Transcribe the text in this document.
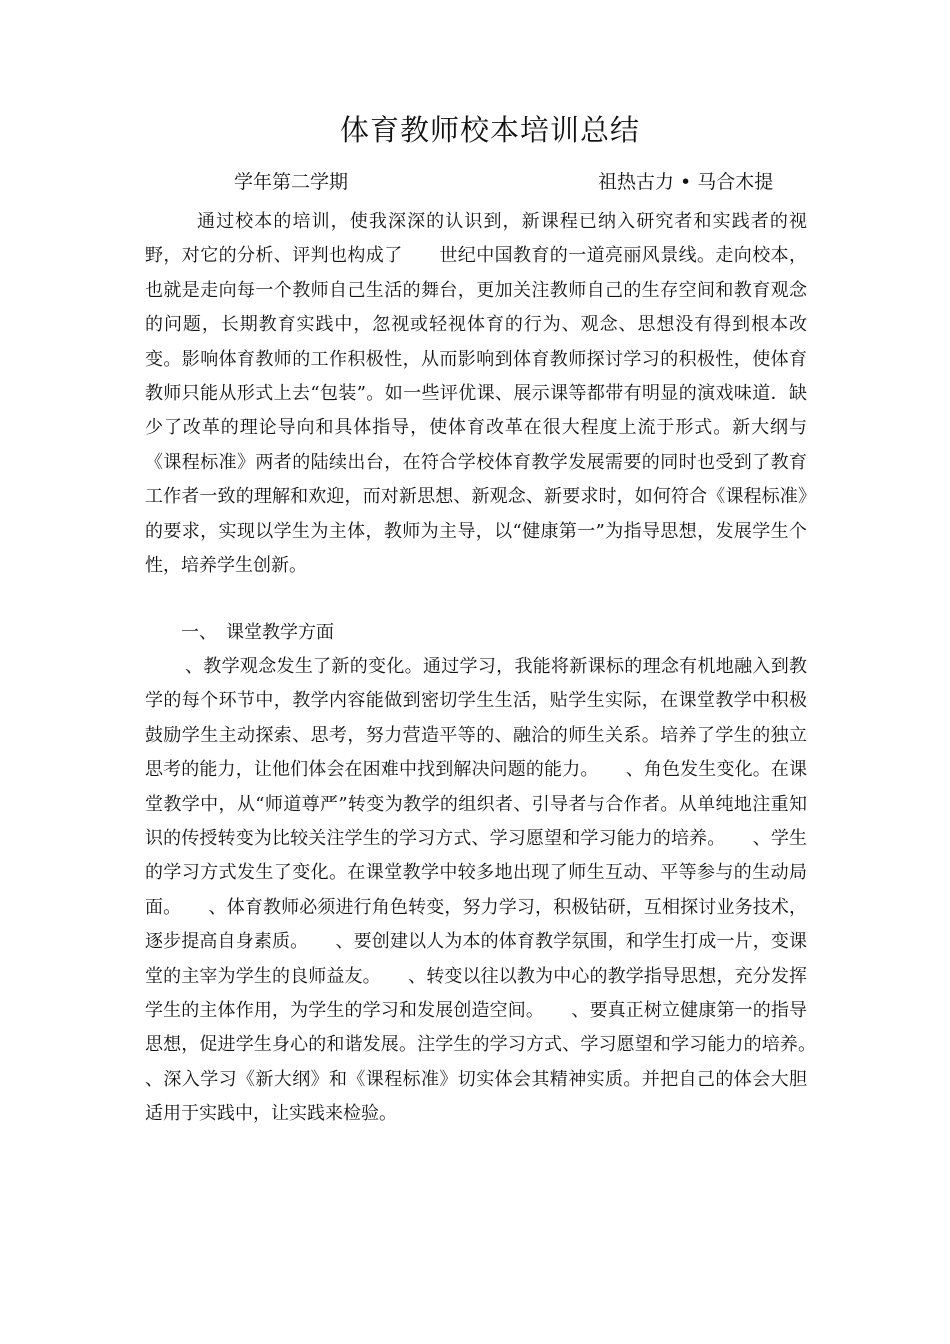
体育教师校本培训总结
学年第二学期	祖热古力 • 马合木提

通过校本的培训，使我深深的认识到，新课程已纳入研究者和实践者的视野，对它的分析、评判也构成了　　世纪中国教育的一道亮丽风景线。走向校本，也就是走向每一个教师自己生活的舞台，更加关注教师自己的生存空间和教育观念的问题，长期教育实践中，忽视或轻视体育的行为、观念、思想没有得到根本改变。影响体育教师的工作积极性，从而影响到体育教师探讨学习的积极性，使体育教师只能从形式上去“包装”。如一些评优课、展示课等都带有明显的演戏味道．缺少了改革的理论导向和具体指导，使体育改革在很大程度上流于形式。新大纲与《课程标准》两者的陆续出台，在符合学校体育教学发展需要的同时也受到了教育工作者一致的理解和欢迎，而对新思想、新观念、新要求时，如何符合《课程标准》的要求，实现以学生为主体，教师为主导，以“健康第一”为指导思想，发展学生个性，培养学生创新。

一、　课堂教学方面

、教学观念发生了新的变化。通过学习，我能将新课标的理念有机地融入到教学的每个环节中，教学内容能做到密切学生生活，贴学生实际，在课堂教学中积极鼓励学生主动探索、思考，努力营造平等的、融洽的师生关系。培养了学生的独立思考的能力，让他们体会在困难中找到解决问题的能力。　　、角色发生变化。在课堂教学中，从“师道尊严”转变为教学的组织者、引导者与合作者。从单纯地注重知识的传授转变为比较关注学生的学习方式、学习愿望和学习能力的培养。　　、学生的学习方式发生了变化。在课堂教学中较多地出现了师生互动、平等参与的生动局面。　　、体育教师必须进行角色转变，努力学习，积极钻研，互相探讨业务技术，逐步提高自身素质。　　、要创建以人为本的体育教学氛围，和学生打成一片，变课堂的主宰为学生的良师益友。　　、转变以往以教为中心的教学指导思想，充分发挥学生的主体作用，为学生的学习和发展创造空间。　　、要真正树立健康第一的指导思想，促进学生身心的和谐发展。注学生的学习方式、学习愿望和学习能力的培养。　　、深入学习《新大纲》和《课程标准》切实体会其精神实质。并把自己的体会大胆适用于实践中，让实践来检验。
